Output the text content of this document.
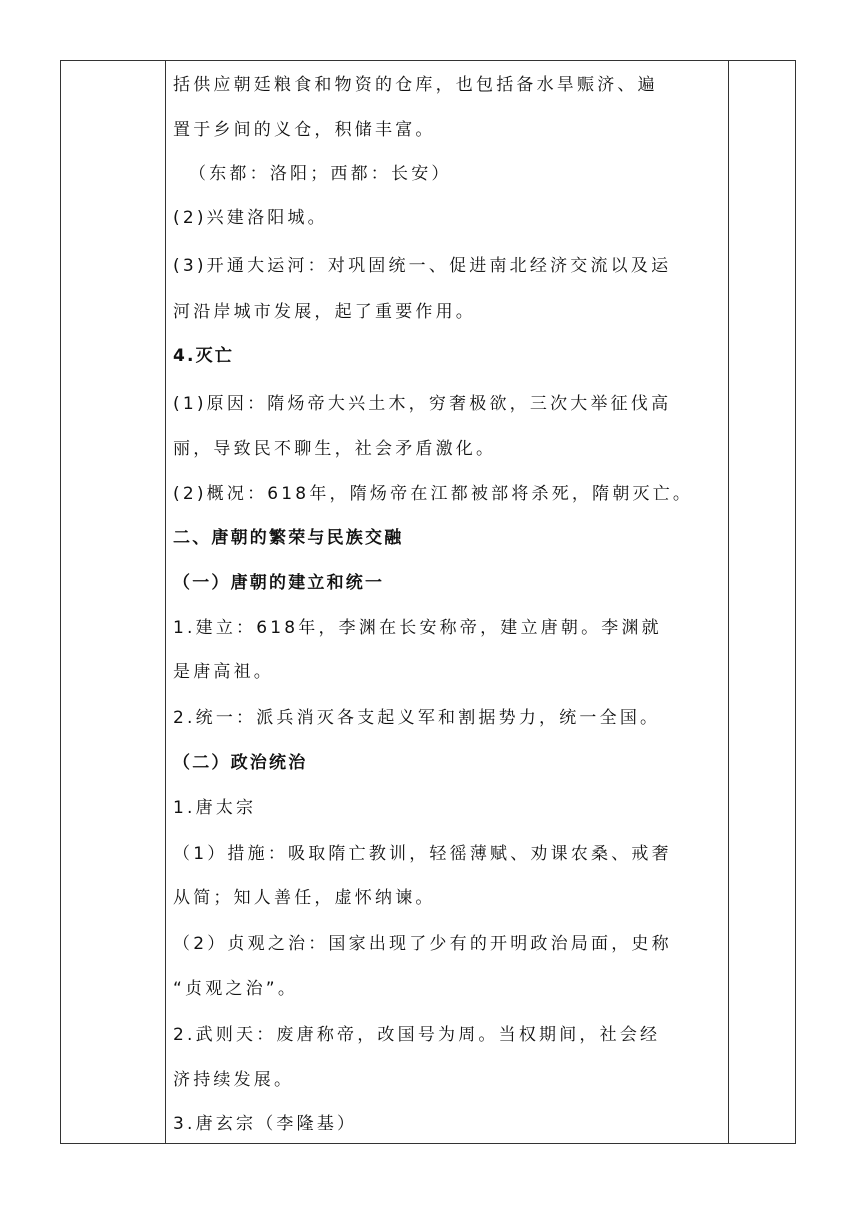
括供应朝廷粮食和物资的仓库，也包括备水旱赈济、遍
置于乡间的义仓，积储丰富。
（东都：洛阳；西都：长安）
(2)兴建洛阳城。
(3)开通大运河：对巩固统一、促进南北经济交流以及运
河沿岸城市发展，起了重要作用。
4.灭亡
(1)原因：隋炀帝大兴土木，穷奢极欲，三次大举征伐高
丽，导致民不聊生，社会矛盾激化。
(2)概况：618年，隋炀帝在江都被部将杀死，隋朝灭亡。
二、唐朝的繁荣与民族交融
（一）唐朝的建立和统一
1.建立：618年，李渊在长安称帝，建立唐朝。李渊就
是唐高祖。
2.统一：派兵消灭各支起义军和割据势力，统一全国。
（二）政治统治
1.唐太宗
（1）措施：吸取隋亡教训，轻徭薄赋、劝课农桑、戒奢
从简；知人善任，虚怀纳谏。
（2）贞观之治：国家出现了少有的开明政治局面，史称
“贞观之治”。
2.武则天：废唐称帝，改国号为周。当权期间，社会经
济持续发展。
3.唐玄宗（李隆基）
